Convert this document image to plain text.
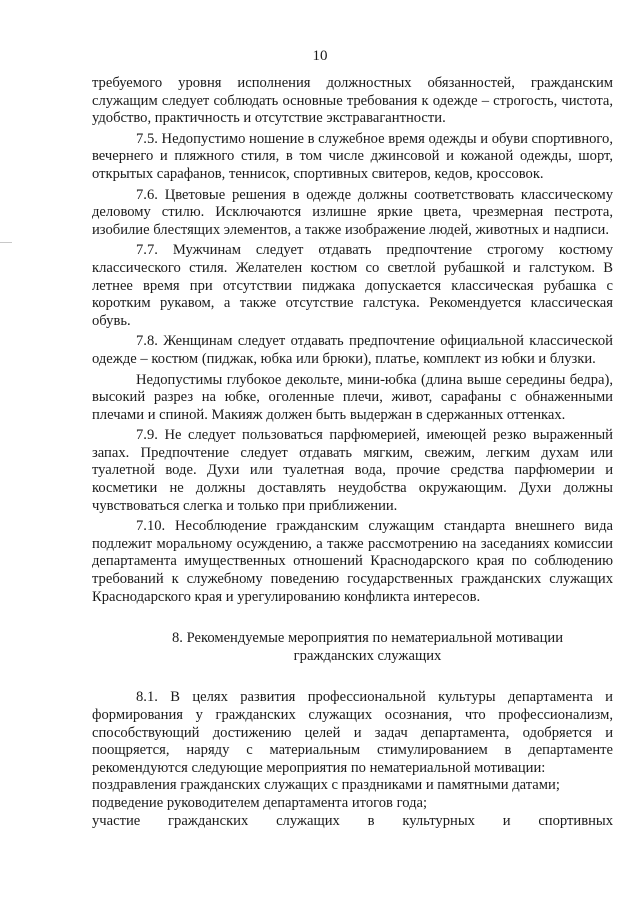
10

требуемого уровня исполнения должностных обязанностей, гражданским служащим следует соблюдать основные требования к одежде – строгость, чистота, удобство, практичность и отсутствие экстравагантности.

7.5. Недопустимо ношение в служебное время одежды и обуви спортивного, вечернего и пляжного стиля, в том числе джинсовой и кожаной одежды, шорт, открытых сарафанов, теннисок, спортивных свитеров, кедов, кроссовок.

7.6. Цветовые решения в одежде должны соответствовать классическому деловому стилю. Исключаются излишне яркие цвета, чрезмерная пестрота, изобилие блестящих элементов, а также изображение людей, животных и надписи.

7.7. Мужчинам следует отдавать предпочтение строгому костюму классического стиля. Желателен костюм со светлой рубашкой и галстуком. В летнее время при отсутствии пиджака допускается классическая рубашка с коротким рукавом, а также отсутствие галстука. Рекомендуется классическая обувь.

7.8. Женщинам следует отдавать предпочтение официальной классической одежде – костюм (пиджак, юбка или брюки), платье, комплект из юбки и блузки.

Недопустимы глубокое декольте, мини-юбка (длина выше середины бедра), высокий разрез на юбке, оголенные плечи, живот, сарафаны с обнаженными плечами и спиной. Макияж должен быть выдержан в сдержанных оттенках.

7.9. Не следует пользоваться парфюмерией, имеющей резко выраженный запах. Предпочтение следует отдавать мягким, свежим, легким духам или туалетной воде. Духи или туалетная вода, прочие средства парфюмерии и косметики не должны доставлять неудобства окружающим. Духи должны чувствоваться слегка и только при приближении.

7.10. Несоблюдение гражданским служащим стандарта внешнего вида подлежит моральному осуждению, а также рассмотрению на заседаниях комиссии департамента имущественных отношений Краснодарского края по соблюдению требований к служебному поведению государственных гражданских служащих Краснодарского края и урегулированию конфликта интересов.

8. Рекомендуемые мероприятия по нематериальной мотивации
гражданских служащих

8.1. В целях развития профессиональной культуры департамента и формирования у гражданских служащих осознания, что профессионализм, способствующий достижению целей и задач департамента, одобряется и поощряется, наряду с материальным стимулированием в департаменте рекомендуются следующие мероприятия по нематериальной мотивации:

поздравления гражданских служащих с праздниками и памятными датами;

подведение руководителем департамента итогов года;

участие гражданских служащих в культурных и спортивных
